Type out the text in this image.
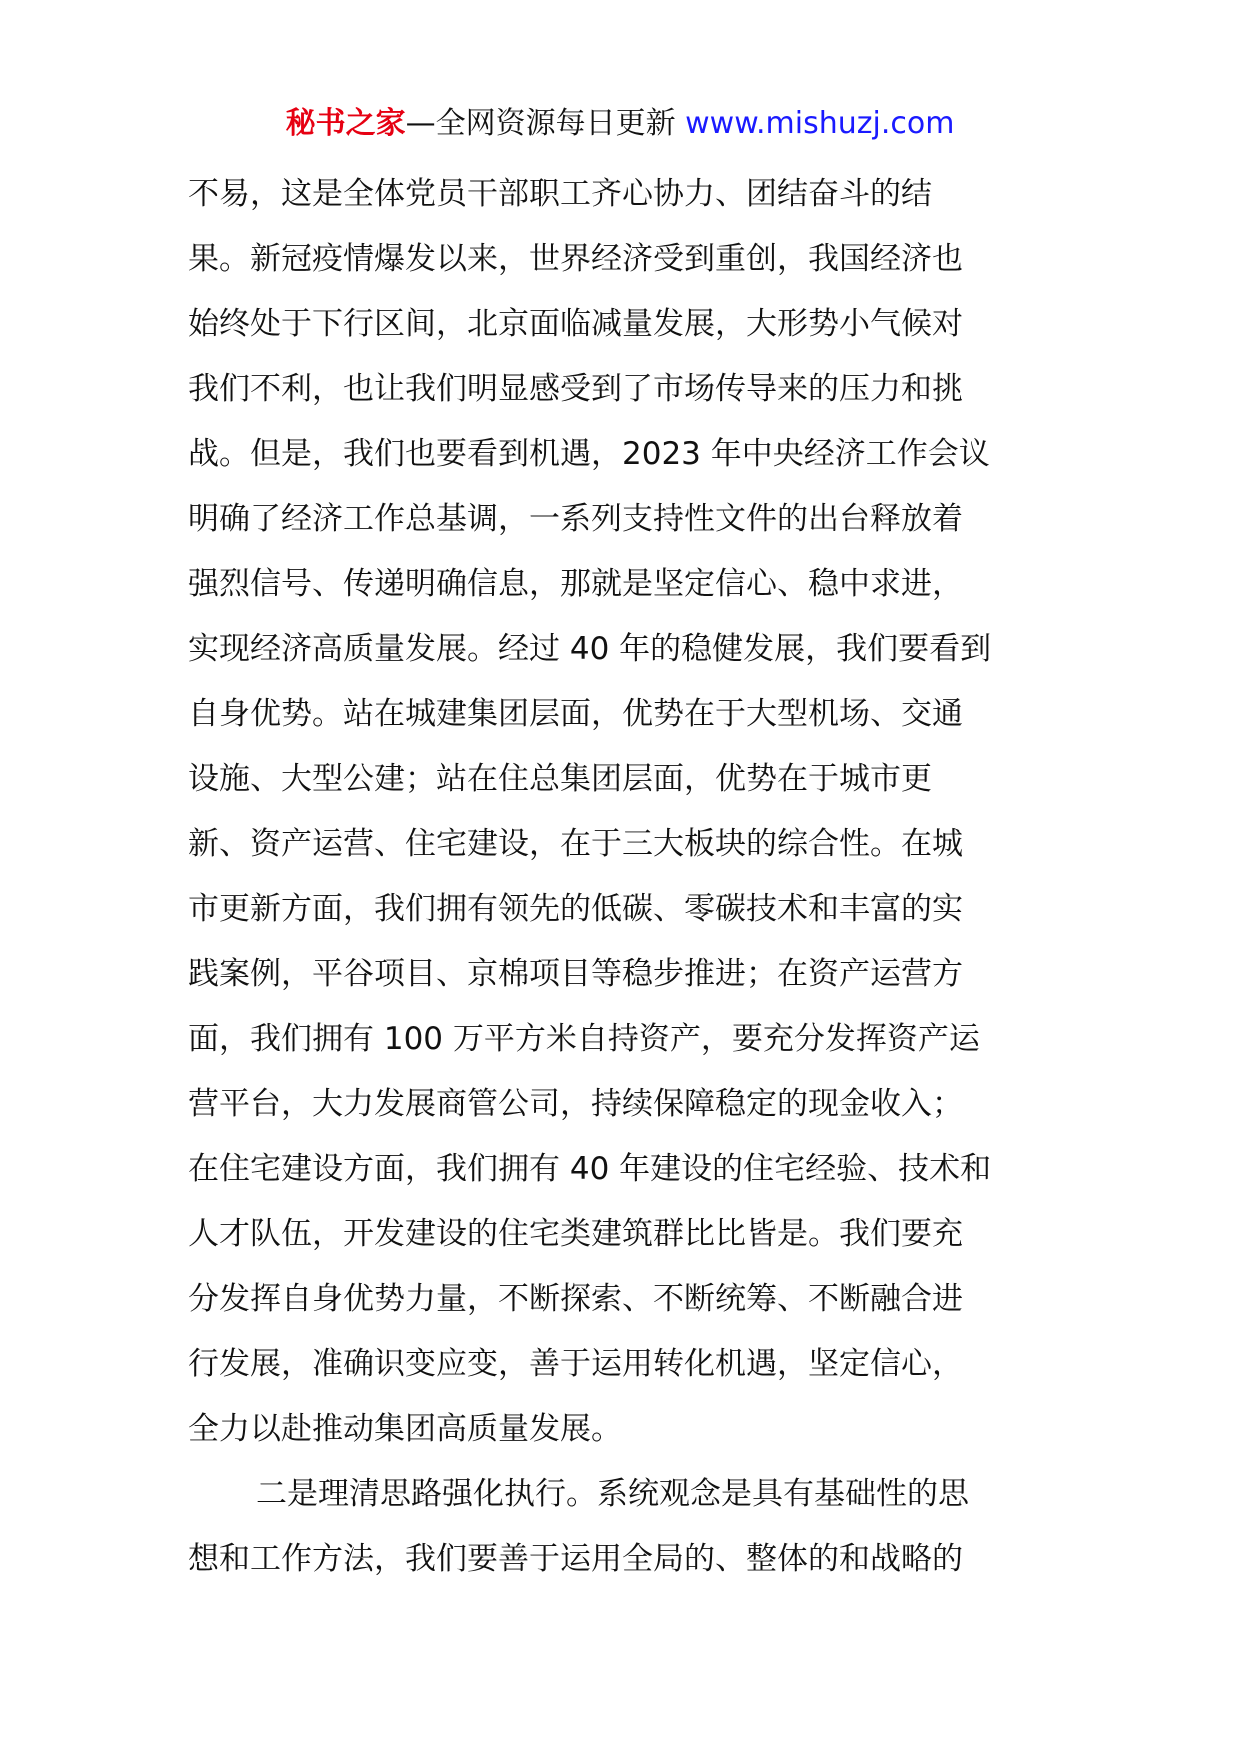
秘书之家—全网资源每日更新 www.mishuzj.com
不易，这是全体党员干部职工齐心协力、团结奋斗的结
果。新冠疫情爆发以来，世界经济受到重创，我国经济也
始终处于下行区间，北京面临减量发展，大形势小气候对
我们不利，也让我们明显感受到了市场传导来的压力和挑
战。但是，我们也要看到机遇，2023 年中央经济工作会议
明确了经济工作总基调，一系列支持性文件的出台释放着
强烈信号、传递明确信息，那就是坚定信心、稳中求进，
实现经济高质量发展。经过 40 年的稳健发展，我们要看到
自身优势。站在城建集团层面，优势在于大型机场、交通
设施、大型公建；站在住总集团层面，优势在于城市更
新、资产运营、住宅建设，在于三大板块的综合性。在城
市更新方面，我们拥有领先的低碳、零碳技术和丰富的实
践案例，平谷项目、京棉项目等稳步推进；在资产运营方
面，我们拥有 100 万平方米自持资产，要充分发挥资产运
营平台，大力发展商管公司，持续保障稳定的现金收入；
在住宅建设方面，我们拥有 40 年建设的住宅经验、技术和
人才队伍，开发建设的住宅类建筑群比比皆是。我们要充
分发挥自身优势力量，不断探索、不断统筹、不断融合进
行发展，准确识变应变，善于运用转化机遇，坚定信心，
全力以赴推动集团高质量发展。
二是理清思路强化执行。系统观念是具有基础性的思
想和工作方法，我们要善于运用全局的、整体的和战略的
